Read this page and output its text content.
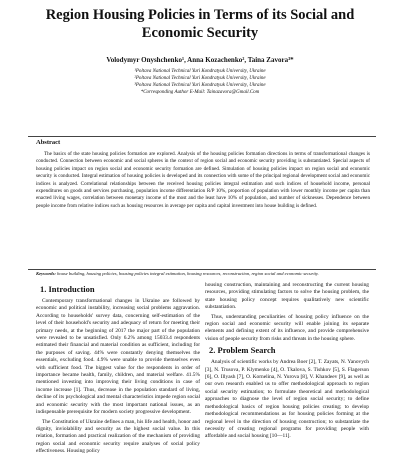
Region Housing Policies in Terms of its Social and Economic Security
Volodymyr Onyshchenko¹, Anna Kozachenko², Taina Zavora³*
¹Poltava National Technical Yuri Kondratyuk University, Ukraine
²Poltava National Technical Yuri Kondratyuk University, Ukraine
³Poltava National Technical Yuri Kondratyuk University, Ukraine
*Corresponding Author E-Mail: Tainazavora@Gmail.Com
Abstract

The basics of the state housing policies formation are explored. Analysis of the housing policies formation directions in terms of transformational changes is conducted. Connection between economic and social spheres in the context of region social and economic security providing is substantiated. Special aspects of housing policies impact on region social and economic security formation are defined. Simulation of housing policies impact on region social and economic security is conducted. Integral estimation of housing policies is developed and its connection with some of the principal regional development social and economic indices is analyzed. Correlational relationships between the received housing policies integral estimation and such indices of household income, personal expenditures on goods and services purchasing, population income differentiation R/P 10%, proportion of population with lower monthly income per capita than enacted living wages, correlation between monetary income of the most and the least have 10% of population, and number of sicknesses. Dependence between people income from relative indices such as housing resources in average per capita and capital investment into house building is defined.

Keywords: house building, housing policies, housing policies integral estimation, housing resources, reconstruction, region social and economic security.
1. Introduction

Contemporary transformational changes in Ukraine are followed by economic and political instability, increasing social problems aggravation. According to households' survey data, concerning self-estimation of the level of their household's security and adequacy of return for meeting their primary needs, at the beginning of 2017 the major part of the population were revealed to be unsatisfied. Only 6.2% among 15033.4 respondents estimated their financial and material condition as sufficient, including for the purposes of saving. 44% were constantly denying themselves the essentials, excluding food. 4.9% were unable to provide themselves even with sufficient food. The biggest value for the respondents in order of importance became health, family, children, and material welfare. 41.5% mentioned investing into improving their living conditions in case of income increase [1]. Thus, decrease in the population standard of living, decline of its psychological and mental characteristics impede region social and economic security with the most important national issues, as an indispensable prerequisite for modern society progressive development.

The Constitution of Ukraine defines a man, his life and health, honor and dignity, inviolability and security as the highest social value. In this relation, formation and practical realization of the mechanism of providing region social and economic security require analyses of social policy effectiveness. Housing policy

housing construction, maintaining and reconstructing the current housing resources, providing stimulating factors to solve the housing problem, the state housing policy concept requires qualitatively new scientific substantiation.

Thus, understanding peculiarities of housing policy influence on the region social and economic security will enable joining its separate elements and defining extent of its influence, and provide comprehensive vision of people security from risks and threats in the housing sphere.

2. Problem Search

Analysis of scientific works by Andrea Boer [2], T. Zayats, N. Yanovych [3], N. Trusova, P. Klymenko [4], O. Tkalova, S. Tishkov [5], S. Flagerson [6], O. Illyash [7], O. Kornelina, N. Yurova [8], V. Khandeev [9], as well as our own research enabled us to offer methodological approach to region social security estimation; to formulate theoretical and methodological approaches to diagnose the level of region social security; to define methodological basics of region housing policies creating; to develop methodological recommendations as for housing policies forming at the regional level in the direction of housing construction; to substantiate the necessity of creating regional programs for providing people with affordable and social housing [10—11].
